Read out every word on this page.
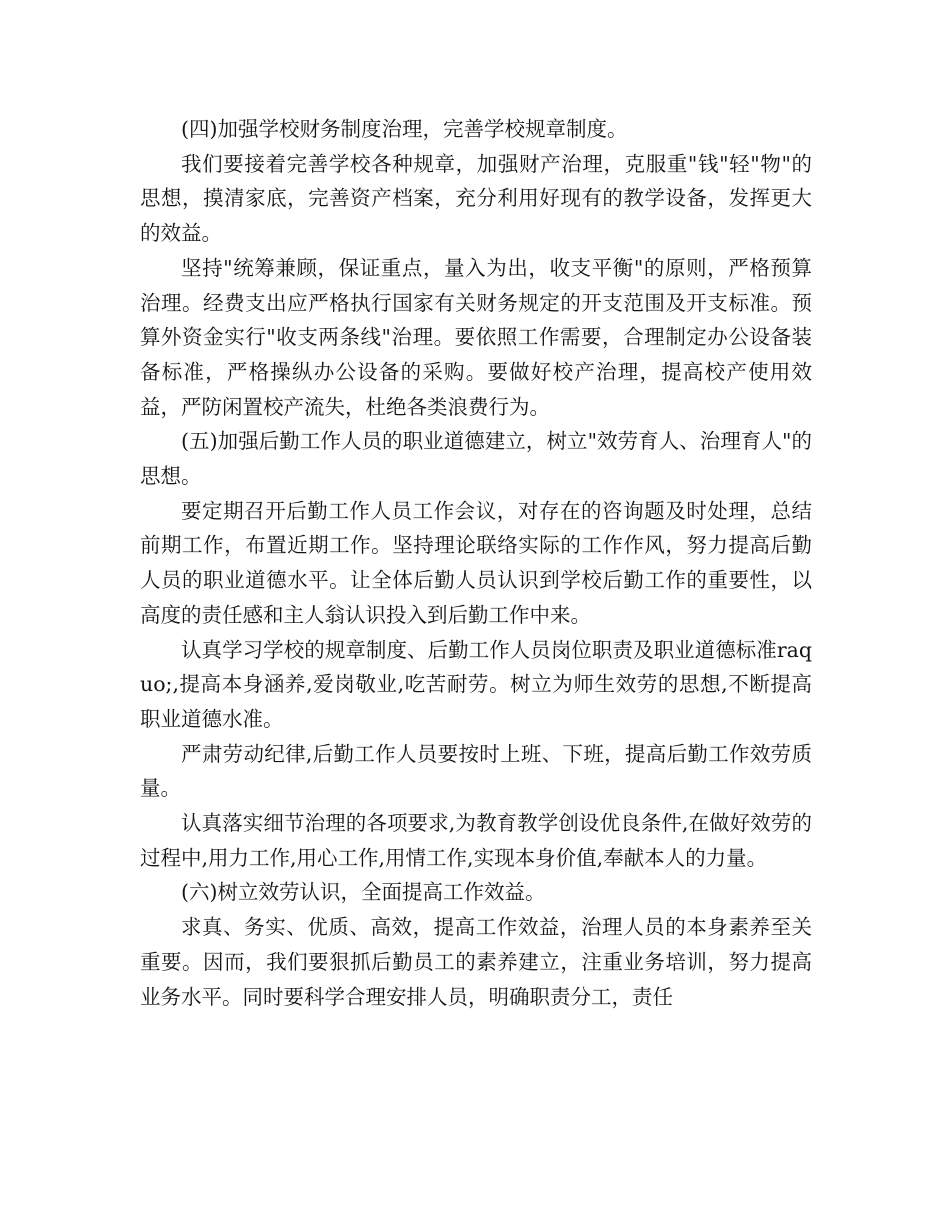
(四)加强学校财务制度治理，完善学校规章制度。

我们要接着完善学校各种规章，加强财产治理，克服重"钱"轻"物"的思想，摸清家底，完善资产档案，充分利用好现有的教学设备，发挥更大的效益。

坚持"统筹兼顾，保证重点，量入为出，收支平衡"的原则，严格预算治理。经费支出应严格执行国家有关财务规定的开支范围及开支标准。预算外资金实行"收支两条线"治理。要依照工作需要，合理制定办公设备装备标准，严格操纵办公设备的采购。要做好校产治理，提高校产使用效益，严防闲置校产流失，杜绝各类浪费行为。

(五)加强后勤工作人员的职业道德建立，树立"效劳育人、治理育人"的思想。

要定期召开后勤工作人员工作会议，对存在的咨询题及时处理，总结前期工作，布置近期工作。坚持理论联络实际的工作作风，努力提高后勤人员的职业道德水平。让全体后勤人员认识到学校后勤工作的重要性，以高度的责任感和主人翁认识投入到后勤工作中来。

认真学习学校的规章制度、后勤工作人员岗位职责及职业道德标准raquo;,提高本身涵养,爱岗敬业,吃苦耐劳。树立为师生效劳的思想,不断提高职业道德水准。

严肃劳动纪律,后勤工作人员要按时上班、下班，提高后勤工作效劳质量。

认真落实细节治理的各项要求,为教育教学创设优良条件,在做好效劳的过程中,用力工作,用心工作,用情工作,实现本身价值,奉献本人的力量。

(六)树立效劳认识，全面提高工作效益。

求真、务实、优质、高效，提高工作效益，治理人员的本身素养至关重要。因而，我们要狠抓后勤员工的素养建立，注重业务培训，努力提高业务水平。同时要科学合理安排人员，明确职责分工，责任
